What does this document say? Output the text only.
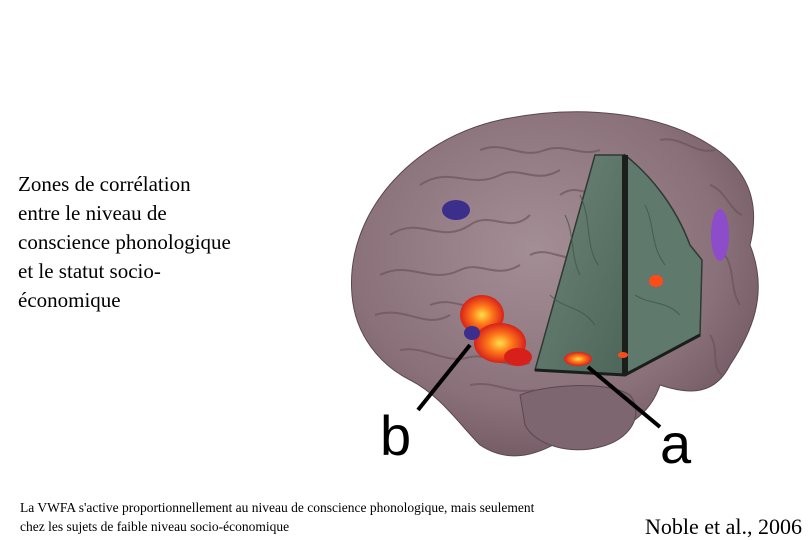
Zones de corrélation
entre le niveau de
conscience phonologique
et le statut socio-
économique
b	a
La VWFA s'active proportionnellement au niveau de conscience phonologique, mais seulement
chez les sujets de faible niveau socio-économique	Noble et al., 2006
